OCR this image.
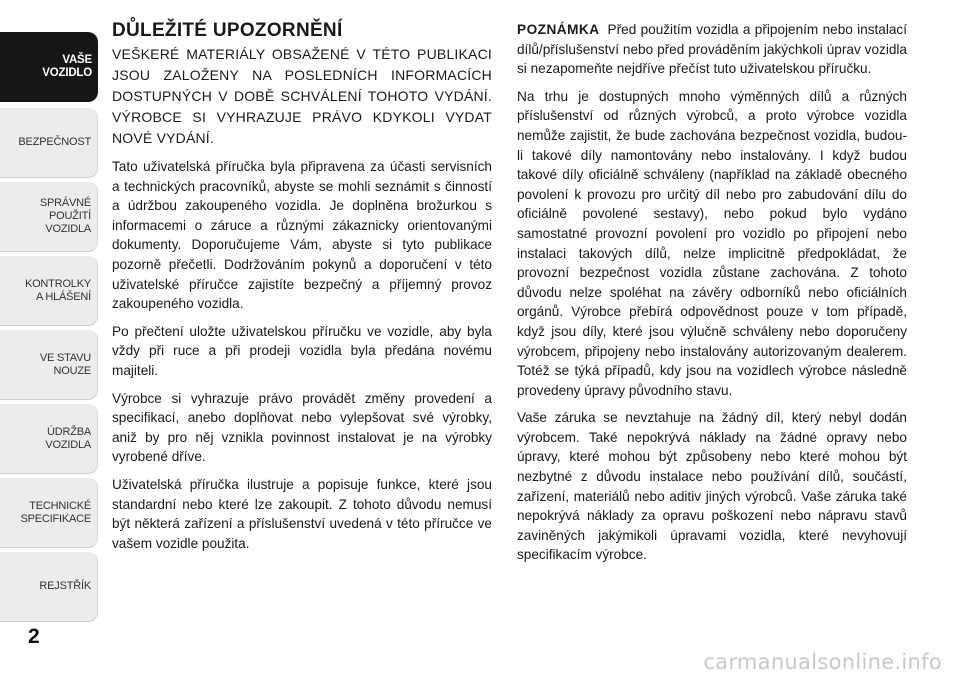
VAŠE
VOZIDLO
BEZPEČNOST
SPRÁVNÉ
POUŽITÍ
VOZIDLA
KONTROLKY
A HLÁŠENÍ
VE STAVU
NOUZE
ÚDRŽBA
VOZIDLA
TECHNICKÉ
SPECIFIKACE
REJSTŘÍK
2
DŮLEŽITÉ UPOZORNĚNÍ

VEŠKERÉ MATERIÁLY OBSAŽENÉ V TÉTO PUBLIKACI JSOU ZALOŽENY NA POSLEDNÍCH INFORMACÍCH DOSTUPNÝCH V DOBĚ SCHVÁLENÍ TOHOTO VYDÁNÍ. VÝROBCE SI VYHRAZUJE PRÁVO KDYKOLI VYDAT NOVÉ VYDÁNÍ.

Tato uživatelská příručka byla připravena za účasti servisních a technických pracovníků, abyste se mohli seznámit s činností a údržbou zakoupeného vozidla. Je doplněna brožurkou s informacemi o záruce a různými zákaznicky orientovanými dokumenty. Doporučujeme Vám, abyste si tyto publikace pozorně přečetli. Dodržováním pokynů a doporučení v této uživatelské příručce zajistíte bezpečný a příjemný provoz zakoupeného vozidla.

Po přečtení uložte uživatelskou příručku ve vozidle, aby byla vždy při ruce a při prodeji vozidla byla předána novému majiteli.

Výrobce si vyhrazuje právo provádět změny provedení a specifikací, anebo doplňovat nebo vylepšovat své výrobky, aniž by pro něj vznikla povinnost instalovat je na výrobky vyrobené dříve.

Uživatelská příručka ilustruje a popisuje funkce, které jsou standardní nebo které lze zakoupit. Z tohoto důvodu nemusí být některá zařízení a příslušenství uvedená v této příručce ve vašem vozidle použita.

POZNÁMKA Před použitím vozidla a připojením nebo instalací dílů/příslušenství nebo před prováděním jakýchkoli úprav vozidla si nezapomeňte nejdříve přečíst tuto uživatelskou příručku.

Na trhu je dostupných mnoho výměnných dílů a různých příslušenství od různých výrobců, a proto výrobce vozidla nemůže zajistit, že bude zachována bezpečnost vozidla, budou-li takové díly namontovány nebo instalovány. I když budou takové díly oficiálně schváleny (například na základě obecného povolení k provozu pro určitý díl nebo pro zabudování dílu do oficiálně povolené sestavy), nebo pokud bylo vydáno samostatné provozní povolení pro vozidlo po připojení nebo instalaci takových dílů, nelze implicitně předpokládat, že provozní bezpečnost vozidla zůstane zachována. Z tohoto důvodu nelze spoléhat na závěry odborníků nebo oficiálních orgánů. Výrobce přebírá odpovědnost pouze v tom případě, když jsou díly, které jsou výlučně schváleny nebo doporučeny výrobcem, připojeny nebo instalovány autorizovaným dealerem. Totéž se týká případů, kdy jsou na vozidlech výrobce následně provedeny úpravy původního stavu.

Vaše záruka se nevztahuje na žádný díl, který nebyl dodán výrobcem. Také nepokrývá náklady na žádné opravy nebo úpravy, které mohou být způsobeny nebo které mohou být nezbytné z důvodu instalace nebo používání dílů, součástí, zařízení, materiálů nebo aditiv jiných výrobců. Vaše záruka také nepokrývá náklady za opravu poškození nebo nápravu stavů zaviněných jakýmikoli úpravami vozidla, které nevyhovují specifikacím výrobce.

carmanualsonline.info
